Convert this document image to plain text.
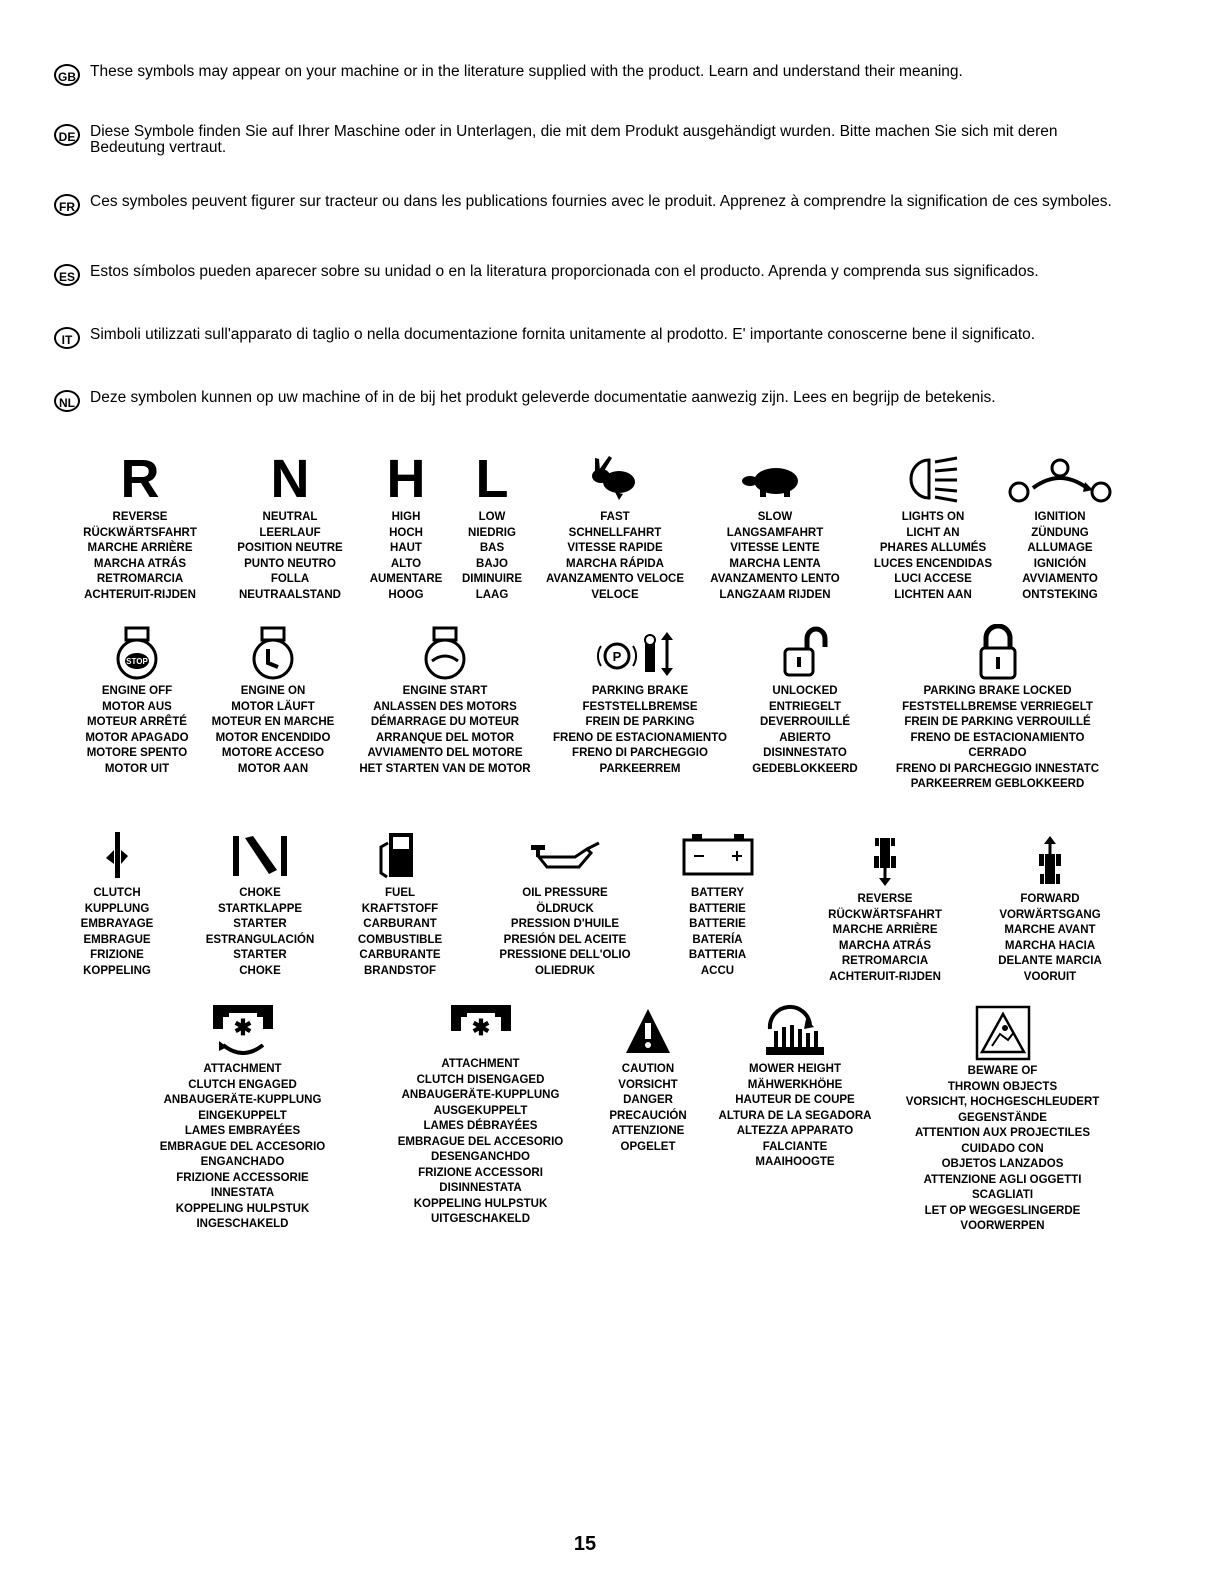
GB These symbols may appear on your machine or in the literature supplied with the product. Learn and understand their meaning.
DE Diese Symbole finden Sie auf Ihrer Maschine oder in Unterlagen, die mit dem Produkt ausgehändigt wurden. Bitte machen Sie sich mit deren Bedeutung vertraut.
FR Ces symboles peuvent figurer sur tracteur ou dans les publications fournies avec le produit. Apprenez à comprendre la signification de ces symboles.
ES Estos símbolos pueden aparecer sobre su unidad o en la literatura proporcionada con el producto. Aprenda y comprenda sus significados.
IT	Simboli utilizzati sull'apparato di taglio o nella documentazione fornita unitamente al prodotto. E' importante conoscerne bene il significato.
NL Deze symbolen kunnen op uw machine of in de bij het produkt geleverde documentatie aanwezig zijn. Lees en begrijp de betekenis.
R
REVERSE
RÜCKWÄRTSFAHRT
MARCHE ARRIÈRE
MARCHA ATRÁS
RETROMARCIA
ACHTERUIT-RIJDEN
N
NEUTRAL
LEERLAUF
POSITION NEUTRE
PUNTO NEUTRO
FOLLA
NEUTRAALSTAND
H
HIGH
HOCH
HAUT
ALTO
AUMENTARE
HOOG
L
LOW
NIEDRIG
BAS
BAJO
DIMINUIRE
LAAG
FAST
SCHNELLFAHRT
VITESSE RAPIDE
MARCHA RÁPIDA
AVANZAMENTO VELOCE
VELOCE
SLOW
LANGSAMFAHRT
VITESSE LENTE
MARCHA LENTA
AVANZAMENTO LENTO
LANGZAAM RIJDEN
LIGHTS ON
LICHT AN
PHARES ALLUMÉS
LUCES ENCENDIDAS
LUCI ACCESE
LICHTEN AAN
IGNITION
ZÜNDUNG
ALLUMAGE
IGNICIÓN
AVVIAMENTO
ONTSTEKING
STOP
ENGINE OFF
MOTOR AUS
MOTEUR ARRÊTÉ
MOTOR APAGADO
MOTORE SPENTO
MOTOR UIT
ENGINE ON
MOTOR LÄUFT
MOTEUR EN MARCHE
MOTOR ENCENDIDO
MOTORE ACCESO
MOTOR AAN
ENGINE START
ANLASSEN DES MOTORS
DÉMARRAGE DU MOTEUR
ARRANQUE DEL MOTOR
AVVIAMENTO DEL MOTORE
HET STARTEN VAN DE MOTOR
P
PARKING BRAKE
FESTSTELLBREMSE
FREIN DE PARKING
FRENO DE ESTACIONAMIENTO
FRENO DI PARCHEGGIO
PARKEERREM
UNLOCKED
ENTRIEGELT
DEVERROUILLÉ
ABIERTO
DISINNESTATO
GEDEBLOKKEERD
PARKING BRAKE LOCKED
FESTSTELLBREMSE VERRIEGELT
FREIN DE PARKING VERROUILLÉ
FRENO DE ESTACIONAMIENTO
CERRADO
FRENO DI PARCHEGGIO INNESTATC
PARKEERREM GEBLOKKEERD
CLUTCH
KUPPLUNG
EMBRAYAGE
EMBRAGUE
FRIZIONE
KOPPELING
CHOKE
STARTKLAPPE
STARTER
ESTRANGULACIÓN
STARTER
CHOKE
FUEL
KRAFTSTOFF
CARBURANT
COMBUSTIBLE
CARBURANTE
BRANDSTOF
OIL PRESSURE
ÖLDRUCK
PRESSION D'HUILE
PRESIÓN DEL ACEITE
PRESSIONE DELL'OLIO
OLIEDRUK
BATTERY
BATTERIE
BATTERIE
BATERÍA
BATTERIA
ACCU
REVERSE
RÜCKWÄRTSFAHRT
MARCHE ARRIÈRE
MARCHA ATRÁS
RETROMARCIA
ACHTERUIT-RIJDEN
FORWARD
VORWÄRTSGANG
MARCHE AVANT
MARCHA HACIA
DELANTE MARCIA
VOORUIT
✱
ATTACHMENT
CLUTCH ENGAGED
ANBAUGERÄTE-KUPPLUNG
EINGEKUPPELT
LAMES EMBRAYÉES
EMBRAGUE DEL ACCESORIO
ENGANCHADO
FRIZIONE ACCESSORIE
INNESTATA
KOPPELING HULPSTUK
INGESCHAKELD
✱
ATTACHMENT
CLUTCH DISENGAGED
ANBAUGERÄTE-KUPPLUNG
AUSGEKUPPELT
LAMES DÉBRAYÉES
EMBRAGUE DEL ACCESORIO
DESENGANCHDO
FRIZIONE ACCESSORI
DISINNESTATA
KOPPELING HULPSTUK
UITGESCHAKELD
CAUTION
VORSICHT
DANGER
PRECAUCIÓN
ATTENZIONE
OPGELET
MOWER HEIGHT
MÄHWERKHÖHE
HAUTEUR DE COUPE
ALTURA DE LA SEGADORA
ALTEZZA APPARATO
FALCIANTE
MAAIHOOGTE
BEWARE OF
THROWN OBJECTS
VORSICHT, HOCHGESCHLEUDERT
GEGENSTÄNDE
ATTENTION AUX PROJECTILES
CUIDADO CON
OBJETOS LANZADOS
ATTENZIONE AGLI OGGETTI
SCAGLIATI
LET OP WEGGESLINGERDE
VOORWERPEN
15
